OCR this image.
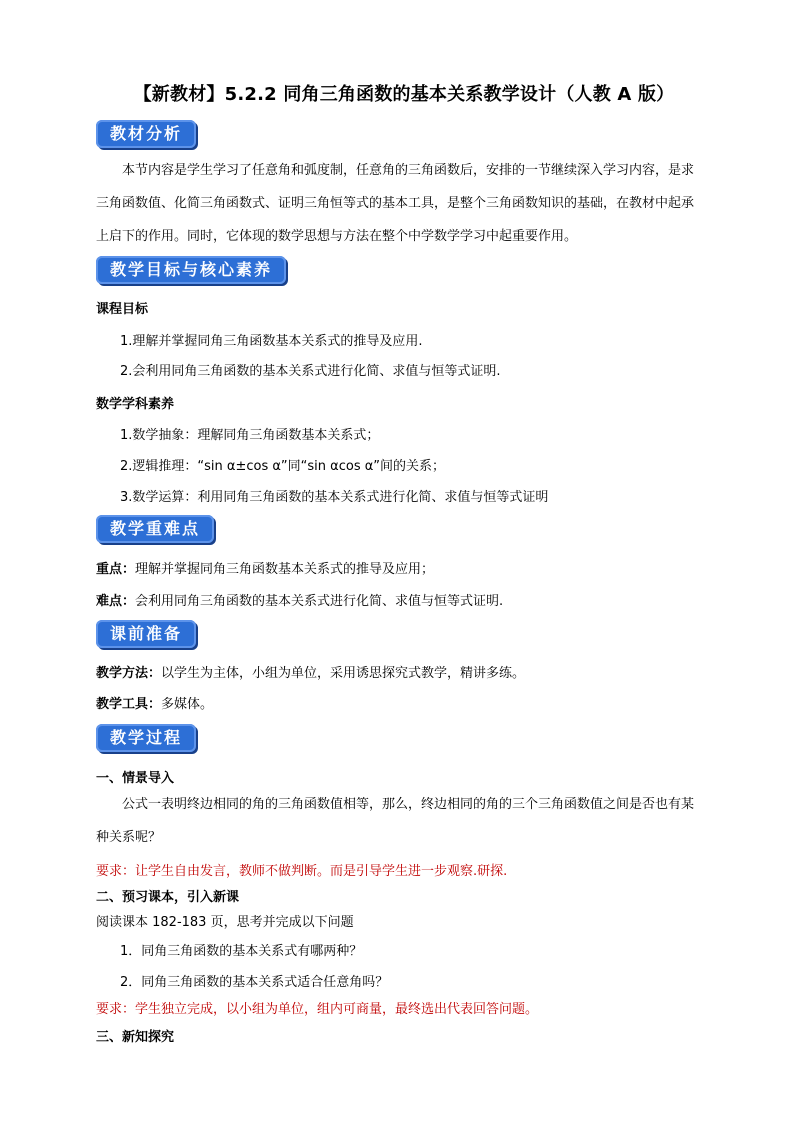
【新教材】5.2.2 同角三角函数的基本关系教学设计（人教 A 版）
教材分析
本节内容是学生学习了任意角和弧度制，任意角的三角函数后，安排的一节继续深入学习内容，是求三角函数值、化简三角函数式、证明三角恒等式的基本工具，是整个三角函数知识的基础，在教材中起承上启下的作用。同时，它体现的数学思想与方法在整个中学数学学习中起重要作用。
教学目标与核心素养
课程目标
1.理解并掌握同角三角函数基本关系式的推导及应用.
2.会利用同角三角函数的基本关系式进行化简、求值与恒等式证明.
数学学科素养
1.数学抽象：理解同角三角函数基本关系式；
2.逻辑推理：“sin α±cos α”同“sin αcos α”间的关系；
3.数学运算：利用同角三角函数的基本关系式进行化简、求值与恒等式证明
教学重难点
重点：理解并掌握同角三角函数基本关系式的推导及应用；
难点：会利用同角三角函数的基本关系式进行化简、求值与恒等式证明.
课前准备
教学方法：以学生为主体，小组为单位，采用诱思探究式教学，精讲多练。
教学工具：多媒体。
教学过程
一、情景导入
公式一表明终边相同的角的三角函数值相等，那么，终边相同的角的三个三角函数值之间是否也有某种关系呢？
要求：让学生自由发言，教师不做判断。而是引导学生进一步观察.研探.
二、预习课本，引入新课
阅读课本 182-183 页，思考并完成以下问题
1．同角三角函数的基本关系式有哪两种？
2．同角三角函数的基本关系式适合任意角吗？
要求：学生独立完成，以小组为单位，组内可商量，最终选出代表回答问题。
三、新知探究
